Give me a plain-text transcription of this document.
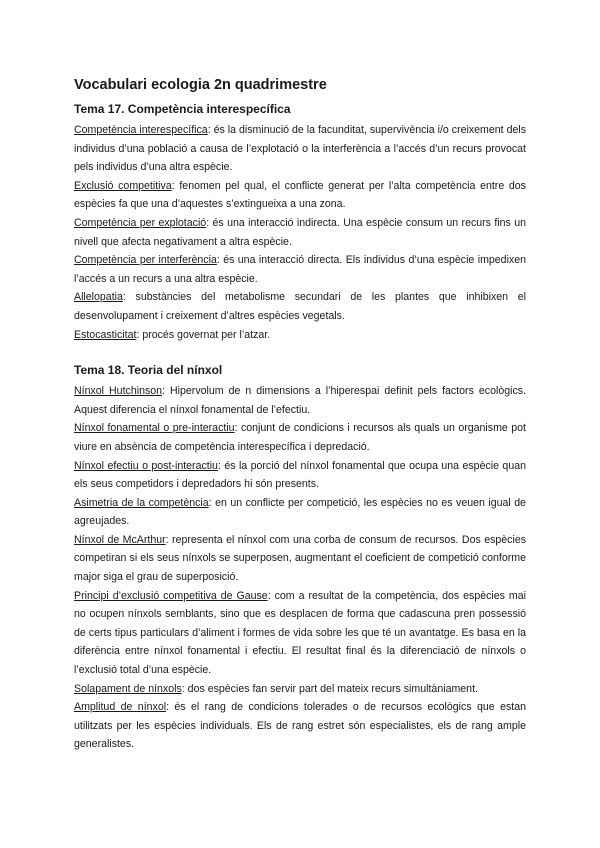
Vocabulari ecologia 2n quadrimestre
Tema 17. Competència interespecífica

Competència interespecífica: és la disminució de la facunditat, supervivència i/o creixement dels individus d’una població a causa de l’explotació o la interferència a l’accés d’un recurs provocat pels individus d’una altra espècie.

Exclusió competitiva: fenomen pel qual, el conflicte generat per l’alta competència entre dos espècies fa que una d’aquestes s’extingueixa a una zona.

Competència per explotació: és una interacció indirecta. Una espècie consum un recurs fins un nivell que afecta negativament a altra espècie.

Competència per interferència: és una interacció directa. Els individus d’una espècie impedixen l’accés a un recurs a una altra espècie.

Allelopatia: substàncies del metabolisme secundari de les plantes que inhibixen el desenvolupament i creixement d’altres espècies vegetals.

Estocasticitat: procés governat per l’atzar.

Tema 18. Teoria del nínxol

Nínxol Hutchinson: Hipervolum de n dimensions a l’hiperespai definit pels factors ecològics. Aquest diferencia el nínxol fonamental de l’efectiu.

Nínxol fonamental o pre-interactiu: conjunt de condicions i recursos als quals un organisme pot viure en absència de competència interespecífica i depredació.

Nínxol efectiu o post-interactiu: és la porció del nínxol fonamental que ocupa una espècie quan els seus competidors i depredadors hi són presents.

Asimetria de la competència: en un conflicte per competició, les espècies no es veuen igual de agreujades.

Nínxol de McArthur: representa el nínxol com una corba de consum de recursos. Dos espècies competiran si els seus nínxols se superposen, augmentant el coeficient de competició conforme major siga el grau de superposició.

Principi d’exclusió competitiva de Gause: com a resultat de la competència, dos espècies mai no ocupen nínxols semblants, sino que es desplacen de forma que cadascuna pren possessió de certs tipus particulars d’aliment i formes de vida sobre les que té un avantatge. Es basa en la diferència entre nínxol fonamental i efectiu. El resultat final és la diferenciació de nínxols o l’exclusió total d’una espècie.

Solapament de nínxols: dos espècies fan servir part del mateix recurs simultàniament.

Amplitud de nínxol: és el rang de condicions tolerades o de recursos ecològics que estan utilitzats per les espècies individuals. Els de rang estret són especialistes, els de rang ample generalistes.
